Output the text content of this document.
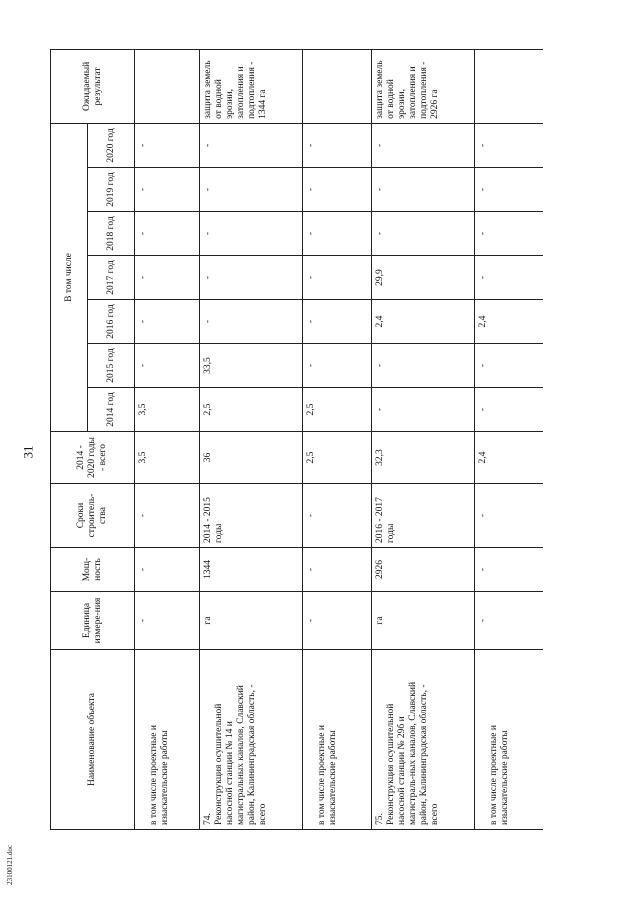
31
23100121.doc
Наименование объекта	Единица измере-ния	Мощ-ность	Сроки строитель-ства	2014 - 2020 годы - всего	В том числе							Ожидаемый результат
					2014 год	2015 год	2016 год	2017 год	2018 год	2019 год	2020 год	
в том числе проектные и изыскательские работы	-	-	-	3,5	3,5	-	-	-	-	-	-	
74.Реконструкция осушительной насосной станции № 14 и магистральных каналов, Славский район, Калининградская область, - всего	га	1344	2014 - 2015 годы	36	2,5	33,5	-	-	-	-	-	защита земель от водной эрозии, затопления и подтопления - 1344 га
в том числе проектные и изыскательские работы	-	-	-	2,5	2,5	-	-	-	-	-	-	
75.Реконструкция осушительной насосной станции № 29б и магистраль-ных каналов, Славский район, Калининградская область, - всего	га	2926	2016 - 2017 годы	32,3	-	-	2,4	29,9	-	-	-	защита земель от водной эрозии, затопления и подтопления - 2926 га
в том числе проектные и изыскательские работы	-	-	-	2,4	-	-	2,4	-	-	-	-	
